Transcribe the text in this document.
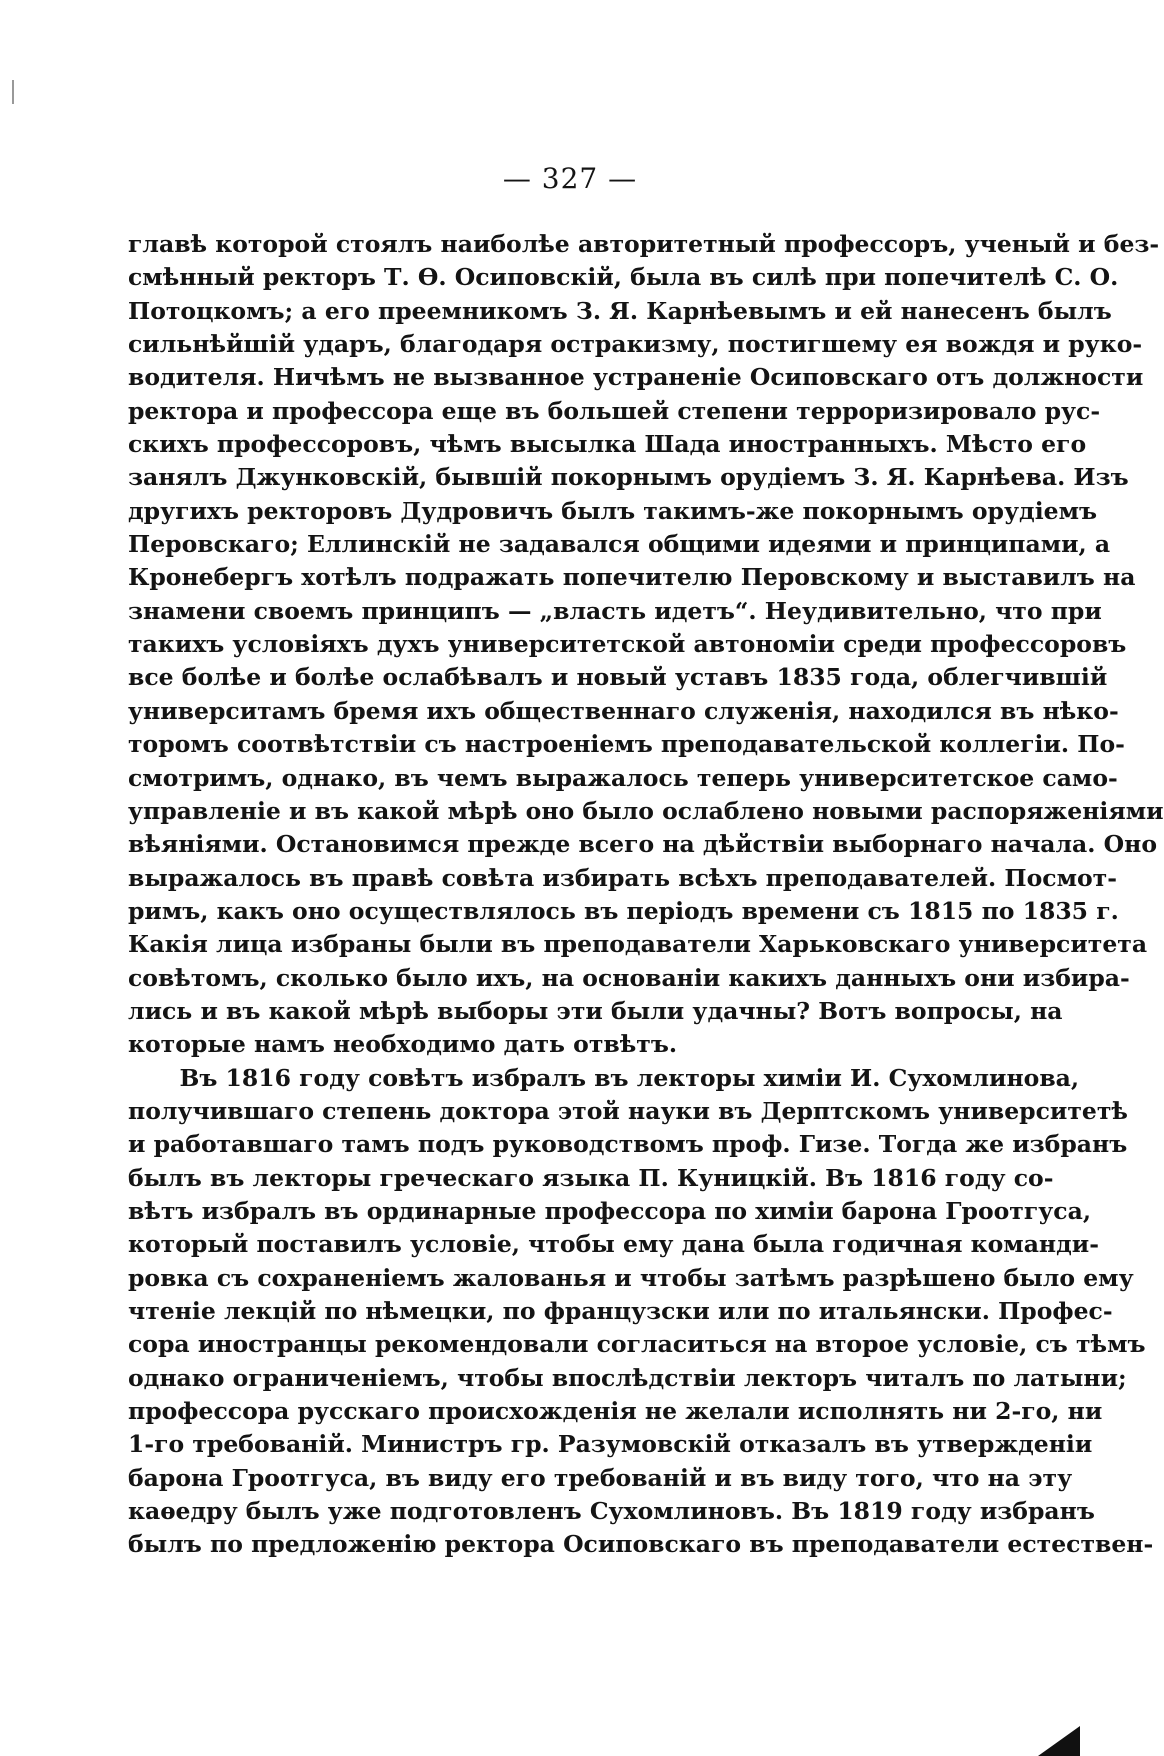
— 327 —
главѣ которой стоялъ наиболѣе авторитетный профессоръ, ученый и без-
смѣнный ректоръ Т. Ѳ. Осиповскій, была въ силѣ при попечителѣ С. О.
Потоцкомъ; а его преемникомъ З. Я. Карнѣевымъ и ей нанесенъ былъ
сильнѣйшій ударъ, благодаря остракизму, постигшему ея вождя и руко-
водителя. Ничѣмъ не вызванное устраненіе Осиповскаго отъ должности
ректора и профессора еще въ большей степени терроризировало рус-
скихъ профессоровъ, чѣмъ высылка Шада иностранныхъ. Мѣсто его
занялъ Джунковскій, бывшій покорнымъ орудіемъ З. Я. Карнѣева. Изъ
другихъ ректоровъ Дудровичъ былъ такимъ-же покорнымъ орудіемъ
Перовскаго; Еллинскій не задавался общими идеями и принципами, а
Кронебергъ хотѣлъ подражать попечителю Перовскому и выставилъ на
знамени своемъ принципъ — „власть идетъ“. Неудивительно, что при
такихъ условіяхъ духъ университетской автономіи среди профессоровъ
все болѣе и болѣе ослабѣвалъ и новый уставъ 1835 года, облегчившій
университамъ бремя ихъ общественнаго служенія, находился въ нѣко-
торомъ соотвѣтствіи съ настроеніемъ преподавательской коллегіи. По-
смотримъ, однако, въ чемъ выражалось теперь университетское само-
управленіе и въ какой мѣрѣ оно было ослаблено новыми распоряженіями
вѣяніями. Остановимся прежде всего на дѣйствіи выборнаго начала. Оно
выражалось въ правѣ совѣта избирать всѣхъ преподавателей. Посмот-
римъ, какъ оно осуществлялось въ періодъ времени съ 1815 по 1835 г.
Какія лица избраны были въ преподаватели Харьковскаго университета
совѣтомъ, сколько было ихъ, на основаніи какихъ данныхъ они избира-
лись и въ какой мѣрѣ выборы эти были удачны? Вотъ вопросы, на
которые намъ необходимо дать отвѣтъ.
Въ 1816 году совѣтъ избралъ въ лекторы химіи И. Сухомлинова,
получившаго степень доктора этой науки въ Дерптскомъ университетѣ
и работавшаго тамъ подъ руководствомъ проф. Гизе. Тогда же избранъ
былъ въ лекторы греческаго языка П. Куницкій. Въ 1816 году со-
вѣтъ избралъ въ ординарные профессора по химіи барона Гроотгуса,
который поставилъ условіе, чтобы ему дана была годичная команди-
ровка съ сохраненіемъ жалованья и чтобы затѣмъ разрѣшено было ему
чтеніе лекцій по нѣмецки, по французски или по итальянски. Профес-
сора иностранцы рекомендовали согласиться на второе условіе, съ тѣмъ
однако ограниченіемъ, чтобы впослѣдствіи лекторъ читалъ по латыни;
профессора русскаго происхожденія не желали исполнять ни 2-го, ни
1-го требованій. Министръ гр. Разумовскій отказалъ въ утвержденіи
барона Гроотгуса, въ виду его требованій и въ виду того, что на эту
каѳедру былъ уже подготовленъ Сухомлиновъ. Въ 1819 году избранъ
былъ по предложенію ректора Осиповскаго въ преподаватели естествен-
